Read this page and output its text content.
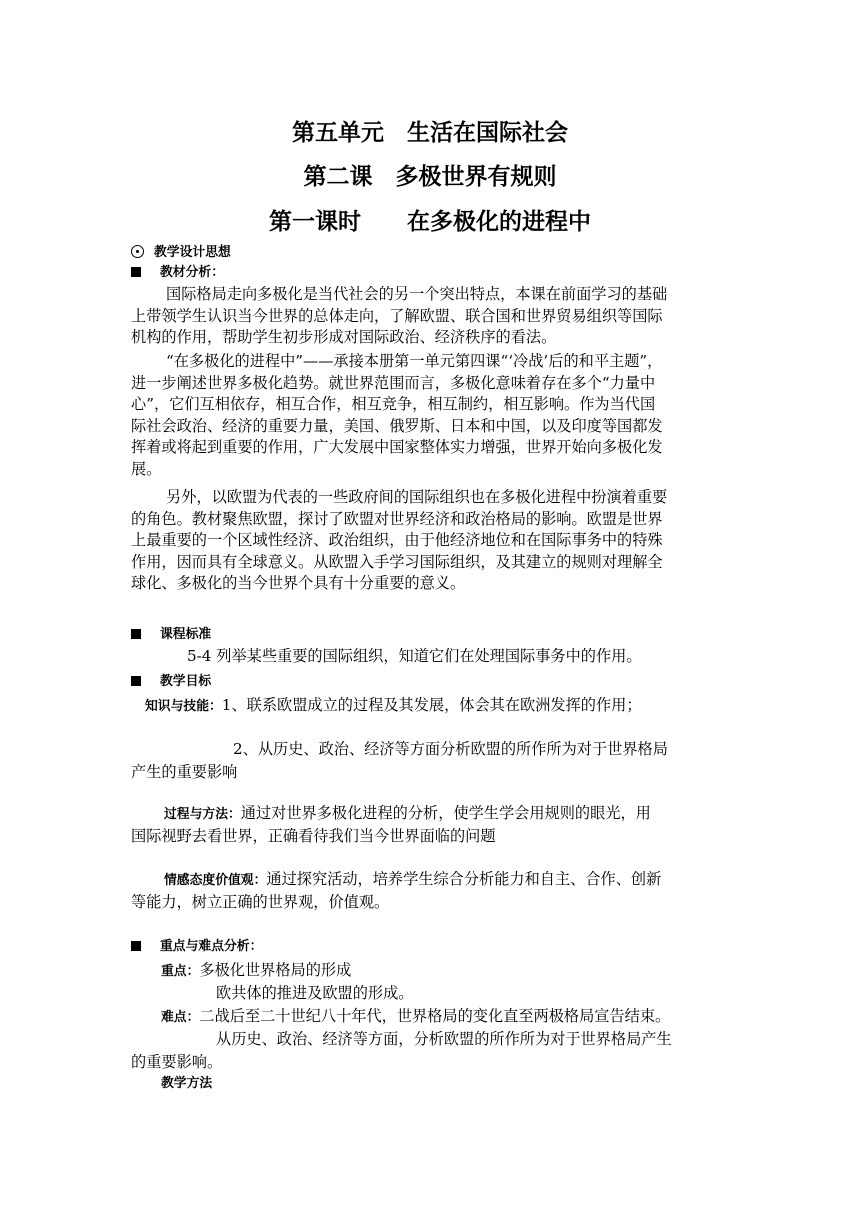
第五单元　生活在国际社会
第二课　多极世界有规则
第一课时　　在多极化的进程中
教学设计思想
教材分析：
国际格局走向多极化是当代社会的另一个突出特点，本课在前面学习的基础
上带领学生认识当今世界的总体走向，了解欧盟、联合国和世界贸易组织等国际
机构的作用，帮助学生初步形成对国际政治、经济秩序的看法。
“在多极化的进程中”——承接本册第一单元第四课“‘冷战’后的和平主题”，
进一步阐述世界多极化趋势。就世界范围而言，多极化意味着存在多个“力量中
心”，它们互相依存，相互合作，相互竞争，相互制约，相互影响。作为当代国
际社会政治、经济的重要力量，美国、俄罗斯、日本和中国，以及印度等国都发
挥着或将起到重要的作用，广大发展中国家整体实力增强，世界开始向多极化发
展。
另外，以欧盟为代表的一些政府间的国际组织也在多极化进程中扮演着重要
的角色。教材聚焦欧盟，探讨了欧盟对世界经济和政治格局的影响。欧盟是世界
上最重要的一个区域性经济、政治组织，由于他经济地位和在国际事务中的特殊
作用，因而具有全球意义。从欧盟入手学习国际组织，及其建立的规则对理解全
球化、多极化的当今世界个具有十分重要的意义。
课程标准
5-4 列举某些重要的国际组织，知道它们在处理国际事务中的作用。
教学目标
知识与技能：1、联系欧盟成立的过程及其发展，体会其在欧洲发挥的作用；
2、从历史、政治、经济等方面分析欧盟的所作所为对于世界格局
产生的重要影响
过程与方法：通过对世界多极化进程的分析，使学生学会用规则的眼光，用
国际视野去看世界，正确看待我们当今世界面临的问题
情感态度价值观：通过探究活动，培养学生综合分析能力和自主、合作、创新
等能力，树立正确的世界观，价值观。
重点与难点分析：
重点：多极化世界格局的形成
欧共体的推进及欧盟的形成。
难点：二战后至二十世纪八十年代，世界格局的变化直至两极格局宣告结束。
从历史、政治、经济等方面，分析欧盟的所作所为对于世界格局产生
的重要影响。
教学方法
